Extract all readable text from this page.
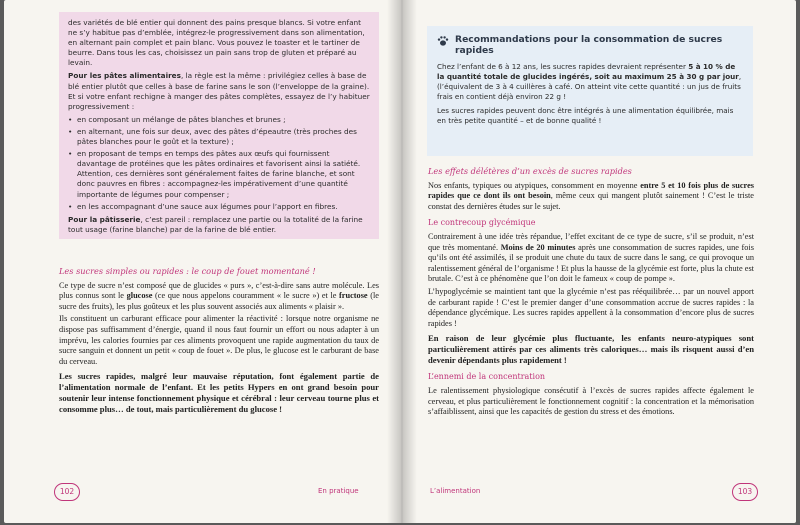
des variétés de blé entier qui donnent des pains presque blancs. Si votre enfant ne s’y habitue pas d’emblée, intégrez-le progressivement dans son alimentation, en alternant pain complet et pain blanc. Vous pouvez le toaster et le tartiner de beurre. Dans tous les cas, choisissez un pain sans trop de gluten et préparé au levain.

Pour les pâtes alimentaires, la règle est la même : privilégiez celles à base de blé entier plutôt que celles à base de farine sans le son (l’enveloppe de la graine). Et si votre enfant rechigne à manger des pâtes complètes, essayez de l’y habituer progressivement :

• en composant un mélange de pâtes blanches et brunes ;
• en alternant, une fois sur deux, avec des pâtes d’épeautre (très proches des pâtes blanches pour le goût et la texture) ;
• en proposant de temps en temps des pâtes aux œufs qui fournissent davantage de protéines que les pâtes ordinaires et favorisent ainsi la satiété. Attention, ces dernières sont généralement faites de farine blanche, et sont donc pauvres en fibres : accompagnez-les impérativement d’une quantité importante de légumes pour compenser ;
• en les accompagnant d’une sauce aux légumes pour l’apport en fibres.

Pour la pâtisserie, c’est pareil : remplacez une partie ou la totalité de la farine tout usage (farine blanche) par de la farine de blé entier.

Les sucres simples ou rapides : le coup de fouet momentané !

Ce type de sucre n’est composé que de glucides « purs », c’est-à-dire sans autre molécule. Les plus connus sont le glucose (ce que nous appelons couramment « le sucre ») et le fructose (le sucre des fruits), les plus goûteux et les plus souvent associés aux aliments « plaisir ».

Ils constituent un carburant efficace pour alimenter la réactivité : lorsque notre organisme ne dispose pas suffisamment d’énergie, quand il nous faut fournir un effort ou nous adapter à un imprévu, les calories fournies par ces aliments provoquent une rapide augmentation du taux de sucre sanguin et donnent un petit « coup de fouet ». De plus, le glucose est le carburant de base du cerveau.

Les sucres rapides, malgré leur mauvaise réputation, font également partie de l’alimentation normale de l’enfant. Et les petits Hypers en ont grand besoin pour soutenir leur intense fonctionnement physique et cérébral : leur cerveau tourne plus et consomme plus… de tout, mais particulièrement du glucose !

102	En pratique
Recommandations pour la consommation de sucres rapides

Chez l’enfant de 6 à 12 ans, les sucres rapides devraient représenter 5 à 10 % de la quantité totale de glucides ingérés, soit au maximum 25 à 30 g par jour, (l’équivalent de 3 à 4 cuillères à café. On atteint vite cette quantité : un jus de fruits frais en contient déjà environ 22 g !

Les sucres rapides peuvent donc être intégrés à une alimentation équilibrée, mais en très petite quantité – et de bonne qualité !

Les effets délétères d’un excès de sucres rapides

Nos enfants, typiques ou atypiques, consomment en moyenne entre 5 et 10 fois plus de sucres rapides que ce dont ils ont besoin, même ceux qui mangent plutôt sainement ! C’est le triste constat des dernières études sur le sujet.

Le contrecoup glycémique

Contrairement à une idée très répandue, l’effet excitant de ce type de sucre, s’il se produit, n’est que très momentané. Moins de 20 minutes après une consommation de sucres rapides, une fois qu’ils ont été assimilés, il se produit une chute du taux de sucre dans le sang, ce qui provoque un ralentissement général de l’organisme ! Et plus la hausse de la glycémie est forte, plus la chute est brutale. C’est à ce phénomène que l’on doit le fameux « coup de pompe ».

L’hypoglycémie se maintient tant que la glycémie n’est pas rééquilibrée… par un nouvel apport de carburant rapide ! C’est le premier danger d’une consommation accrue de sucres rapides : la dépendance glycémique. Les sucres rapides appellent à la consommation d’encore plus de sucres rapides !

En raison de leur glycémie plus fluctuante, les enfants neuro-atypiques sont particulièrement attirés par ces aliments très caloriques… mais ils risquent aussi d’en devenir dépendants plus rapidement !

L’ennemi de la concentration

Le ralentissement physiologique consécutif à l’excès de sucres rapides affecte également le cerveau, et plus particulièrement le fonctionnement cognitif : la concentration et la mémorisation s’affaiblissent, ainsi que les capacités de gestion du stress et des émotions.

L’alimentation	103
